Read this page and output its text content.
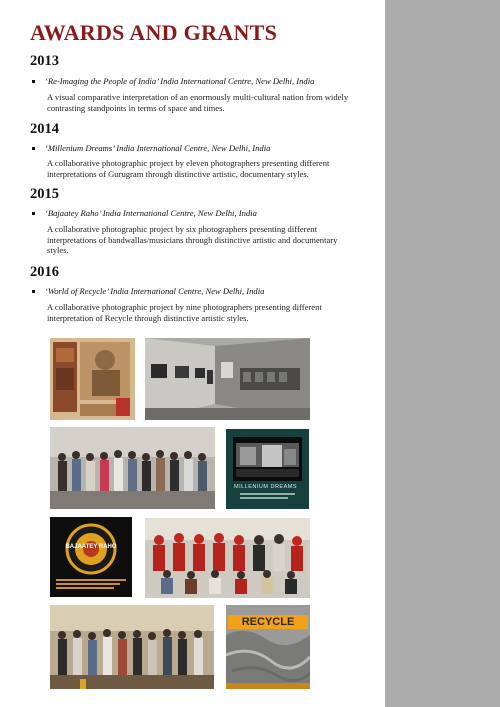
AWARDS AND GRANTS
2013
‘Re-Imaging the People of India’ India International Centre, New Delhi, India
A visual comparative interpretation of an enormously multi-cultural nation from widely contrasting standpoints in terms of space and times.
2014
‘Millenium Dreams’ India International Centre, New Delhi, India
A collaborative photographic project by eleven photographers presenting different interpretations of Gurugram through distinctive artistic, documentary styles.
2015
‘Bajaatey Raho’ India International Centre, New Delhi, India
A collaborative photographic project by six photographers presenting different interpretations of bandwallas/musicians through distinctive artistic and documentary styles.
2016
‘World of Recycle’ India International Centre, New Delhi, India
A collaborative photographic project by nine photographers presenting different interpretation of Recycle through distinctive artistic styles.
MILLENIUM DREAMS
BAJAATEY RAHO
RECYCLE
